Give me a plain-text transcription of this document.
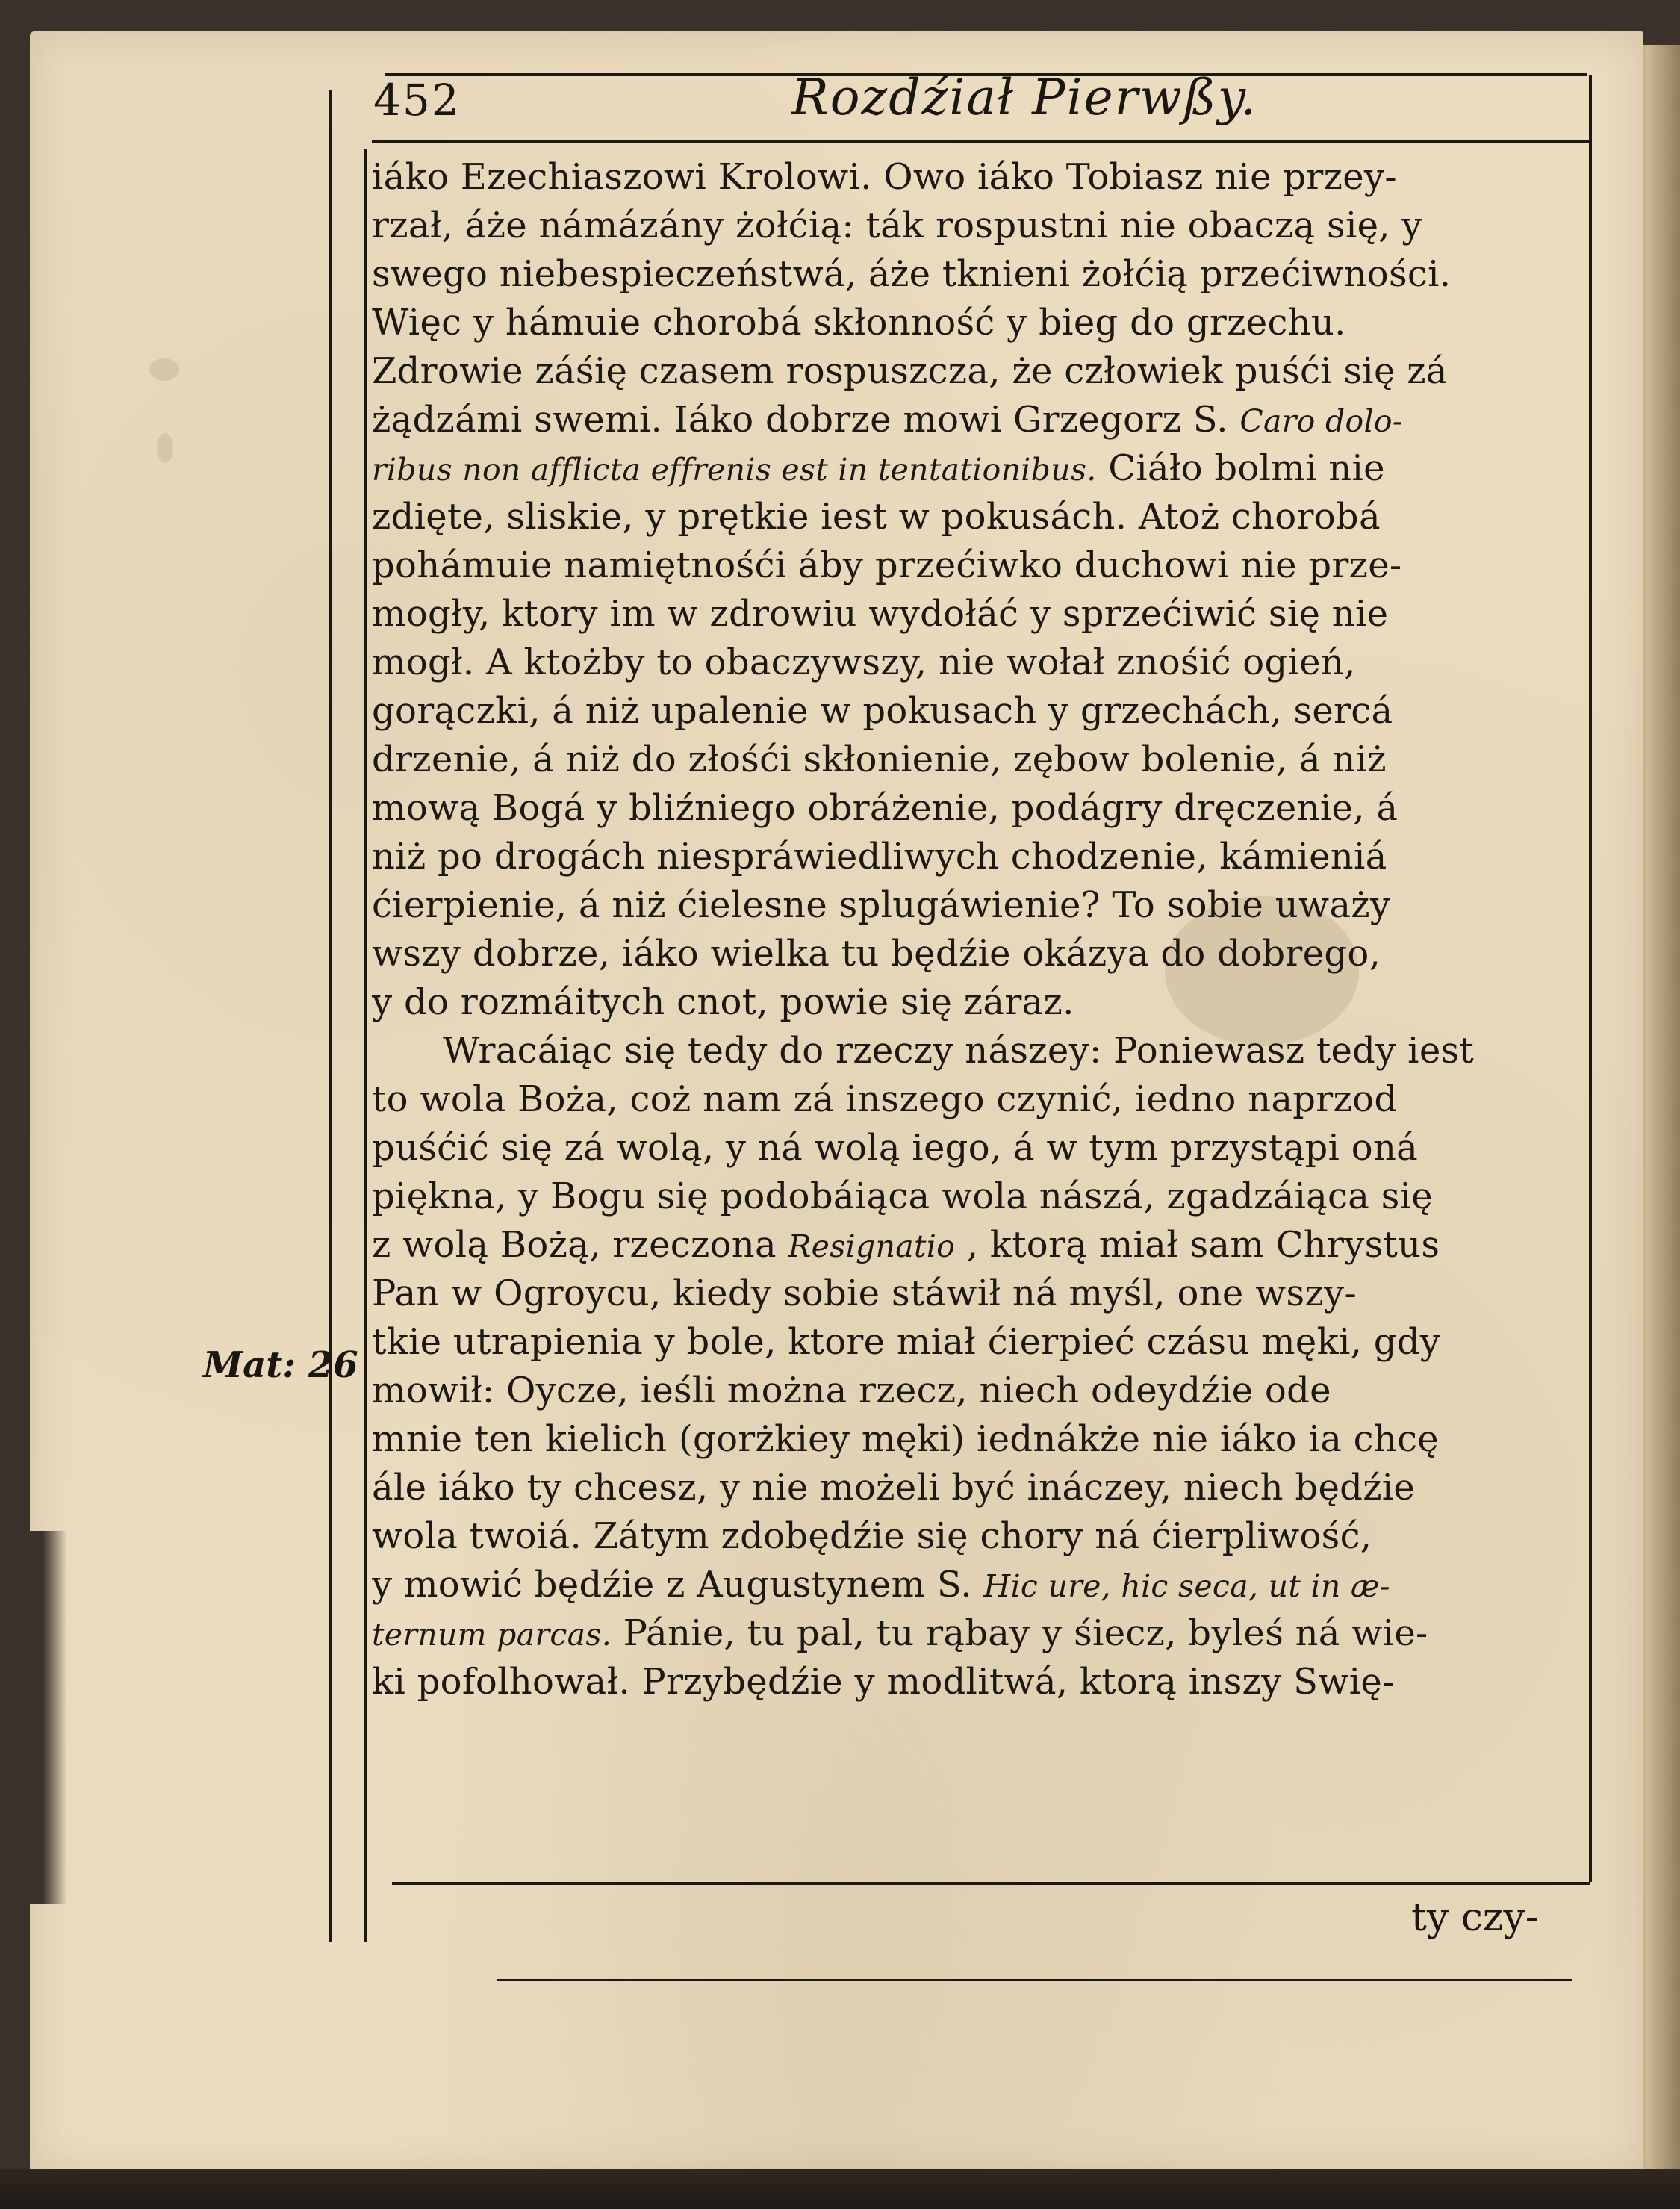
452	Rozdźiał Pierwßy.
Mat: 26
iáko Ezechiaszowi Krolowi. Owo iáko Tobiasz nie przey-
rzał, áże námázány żołćią: ták rospustni nie obaczą się, y
swego niebespieczeństwá, áże tknieni żołćią przećiwności.
Więc y hámuie chorobá skłonność y bieg do grzechu.
Zdrowie záśię czasem rospuszcza, że człowiek puśći się zá
żądzámi swemi. Iáko dobrze mowi Grzegorz S. Caro dolo-
ribus non afflicta effrenis est in tentationibus. Ciáło bolmi nie
zdięte, sliskie, y prętkie iest w pokusách. Atoż chorobá
pohámuie namiętnośći áby przećiwko duchowi nie prze-
mogły, ktory im w zdrowiu wydołáć y sprzećiwić się nie
mogł. A ktożby to obaczywszy, nie wołał znośić ogień,
gorączki, á niż upalenie w pokusach y grzechách, sercá
drzenie, á niż do złośći skłonienie, zębow bolenie, á niż
mową Bogá y bliźniego obráżenie, podágry dręczenie, á
niż po drogách niespráwiedliwych chodzenie, kámieniá
ćierpienie, á niż ćielesne splugáwienie? To sobie uważy
wszy dobrze, iáko wielka tu będźie okázya do dobrego,
y do rozmáitych cnot, powie się záraz.
Wracáiąc się tedy do rzeczy nászey: Poniewasz tedy iest
to wola Boża, coż nam zá inszego czynić, iedno naprzod
puśćić się zá wolą, y ná wolą iego, á w tym przystąpi oná
piękna, y Bogu się podobáiąca wola nászá, zgadzáiąca się
z wolą Bożą, rzeczona Resignatio , ktorą miał sam Chrystus
Pan w Ogroycu, kiedy sobie stáwił ná myśl, one wszy-
tkie utrapienia y bole, ktore miał ćierpieć czásu męki, gdy
mowił: Oycze, ieśli można rzecz, niech odeydźie ode
mnie ten kielich (gorżkiey męki) iednákże nie iáko ia chcę
ále iáko ty chcesz, y nie możeli być ináczey, niech będźie
wola twoiá. Zátym zdobędźie się chory ná ćierpliwość,
y mowić będźie z Augustynem S. Hic ure, hic seca, ut in æ-
ternum parcas. Pánie, tu pal, tu rąbay y śiecz, byleś ná wie-
ki pofolhował. Przybędźie y modlitwá, ktorą inszy Swię-
ty czy-
